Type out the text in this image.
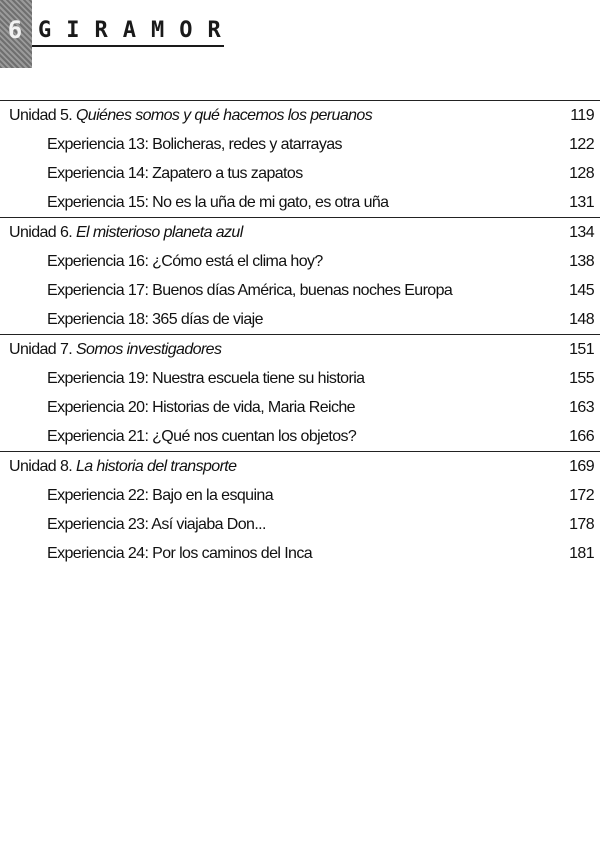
6 GIRAMOR
Unidad 5. Quiénes somos y qué hacemos los peruanos	119
Experiencia 13: Bolicheras, redes y atarrayas	122
Experiencia 14: Zapatero a tus zapatos	128
Experiencia 15: No es la uña de mi gato, es otra uña	131
Unidad 6. El misterioso planeta azul	134
Experiencia 16: ¿Cómo está el clima hoy?	138
Experiencia 17: Buenos días América, buenas noches Europa	145
Experiencia 18: 365 días de viaje	148
Unidad 7. Somos investigadores	151
Experiencia 19: Nuestra escuela tiene su historia	155
Experiencia 20: Historias de vida, Maria Reiche	163
Experiencia 21: ¿Qué nos cuentan los objetos?	166
Unidad 8. La historia del transporte	169
Experiencia 22: Bajo en la esquina	172
Experiencia 23: Así viajaba Don...	178
Experiencia 24: Por los caminos del Inca	181
